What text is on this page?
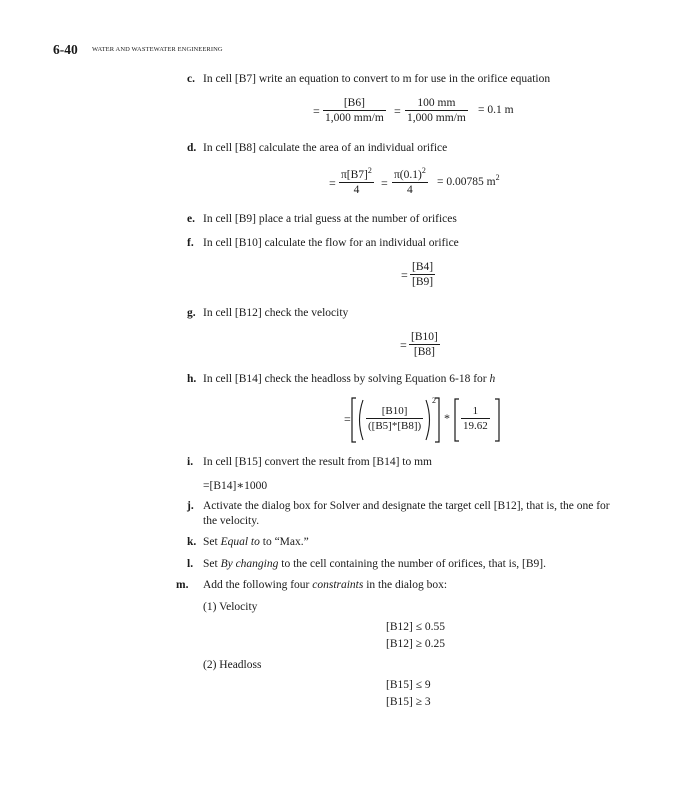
6-40 WATER AND WASTEWATER ENGINEERING
c. In cell [B7] write an equation to convert to m for use in the orifice equation
= $\frac{[B6]}{1,000 mm/m} = \frac{100 mm}{1,000 mm/m} = 0.1$ m
d. In cell [B8] calculate the area of an individual orifice
= $\frac{\pi[B7]^2}{4} = \frac{\pi(0.1)^2}{4} = 0.00785$ $m^2$
e. In cell [B9] place a trial guess at the number of orifices
f. In cell [B10] calculate the flow for an individual orifice
= $\frac{[B4]}{[B9]}$
g. In cell [B12] check the velocity
= $\frac{[B10]}{[B8]}$
h. In cell [B14] check the headloss by solving Equation 6-18 for h
= $\frac{[B10]}{([B5]*[B8])}$
2
* $\frac{1}{19.62}$
i. In cell [B15] convert the result from [B14] to mm
=[B14]∗1000
j. Activate the dialog box for Solver and designate the target cell [B12], that is, the one for
the velocity.
k. Set Equal to to “Max.”
l. Set By changing to the cell containing the number of orifices, that is, [B9].
m. Add the following four constraints in the dialog box:
(1) Velocity
[B12] ≤ 0.55
[B12] ≥ 0.25
(2) Headloss
[B15] ≤ 9
[B15] ≥ 3
